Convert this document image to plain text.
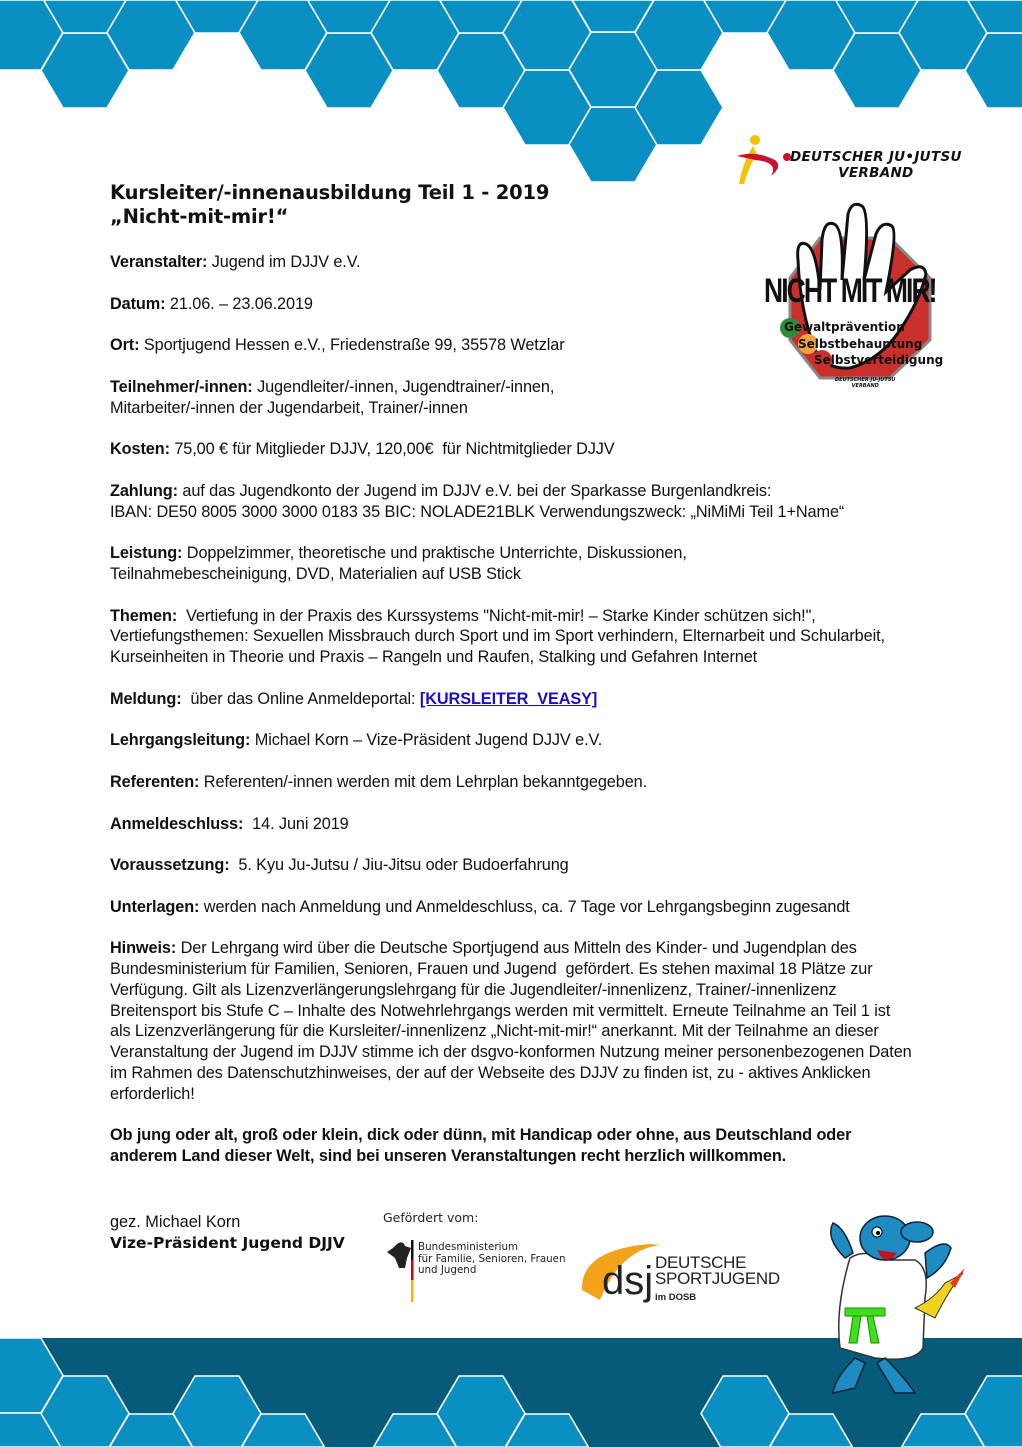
DEUTSCHER JU•JUTSU
VERBAND
NICHT MIT MIR!
Gewaltprävention
Selbstbehauptung
Selbstverteidigung
DEUTSCHER JU-JUTSU
VERBAND
Kursleiter/-innenausbildung Teil 1 - 2019
„Nicht-mit-mir!“
Veranstalter: Jugend im DJJV e.V.
Datum: 21.06. – 23.06.2019
Ort: Sportjugend Hessen e.V., Friedenstraße 99, 35578 Wetzlar
Teilnehmer/-innen: Jugendleiter/-innen, Jugendtrainer/-innen,
Mitarbeiter/-innen der Jugendarbeit, Trainer/-innen
Kosten: 75,00 € für Mitglieder DJJV, 120,00€  für Nichtmitglieder DJJV
Zahlung: auf das Jugendkonto der Jugend im DJJV e.V. bei der Sparkasse Burgenlandkreis:
IBAN: DE50 8005 3000 3000 0183 35 BIC: NOLADE21BLK Verwendungszweck: „NiMiMi Teil 1+Name“
Leistung: Doppelzimmer, theoretische und praktische Unterrichte, Diskussionen,
Teilnahmebescheinigung, DVD, Materialien auf USB Stick
Themen:  Vertiefung in der Praxis des Kurssystems "Nicht-mit-mir! – Starke Kinder schützen sich!",
Vertiefungsthemen: Sexuellen Missbrauch durch Sport und im Sport verhindern, Elternarbeit und Schularbeit,
Kurseinheiten in Theorie und Praxis – Rangeln und Raufen, Stalking und Gefahren Internet
Meldung:  über das Online Anmeldeportal: [KURSLEITER_VEASY]
Lehrgangsleitung: Michael Korn – Vize-Präsident Jugend DJJV e.V.
Referenten: Referenten/-innen werden mit dem Lehrplan bekanntgegeben.
Anmeldeschluss:  14. Juni 2019
Voraussetzung:  5. Kyu Ju-Jutsu / Jiu-Jitsu oder Budoerfahrung
Unterlagen: werden nach Anmeldung und Anmeldeschluss, ca. 7 Tage vor Lehrgangsbeginn zugesandt
Hinweis: Der Lehrgang wird über die Deutsche Sportjugend aus Mitteln des Kinder- und Jugendplan des
Bundesministerium für Familien, Senioren, Frauen und Jugend  gefördert. Es stehen maximal 18 Plätze zur
Verfügung. Gilt als Lizenzverlängerungslehrgang für die Jugendleiter/-innenlizenz, Trainer/-innenlizenz
Breitensport bis Stufe C – Inhalte des Notwehrlehrgangs werden mit vermittelt. Erneute Teilnahme an Teil 1 ist
als Lizenzverlängerung für die Kursleiter/-innenlizenz „Nicht-mit-mir!“ anerkannt. Mit der Teilnahme an dieser
Veranstaltung der Jugend im DJJV stimme ich der dsgvo-konformen Nutzung meiner personenbezogenen Daten
im Rahmen des Datenschutzhinweises, der auf der Webseite des DJJV zu finden ist, zu - aktives Anklicken
erforderlich!
Ob jung oder alt, groß oder klein, dick oder dünn, mit Handicap oder ohne, aus Deutschland oder
anderem Land dieser Welt, sind bei unseren Veranstaltungen recht herzlich willkommen.
gez. Michael Korn
Vize-Präsident Jugend DJJV
Gefördert vom:
Bundesministerium
für Familie, Senioren, Frauen
und Jugend	dsj DEUTSCHE
SPORTJUGEND
im DOSB
